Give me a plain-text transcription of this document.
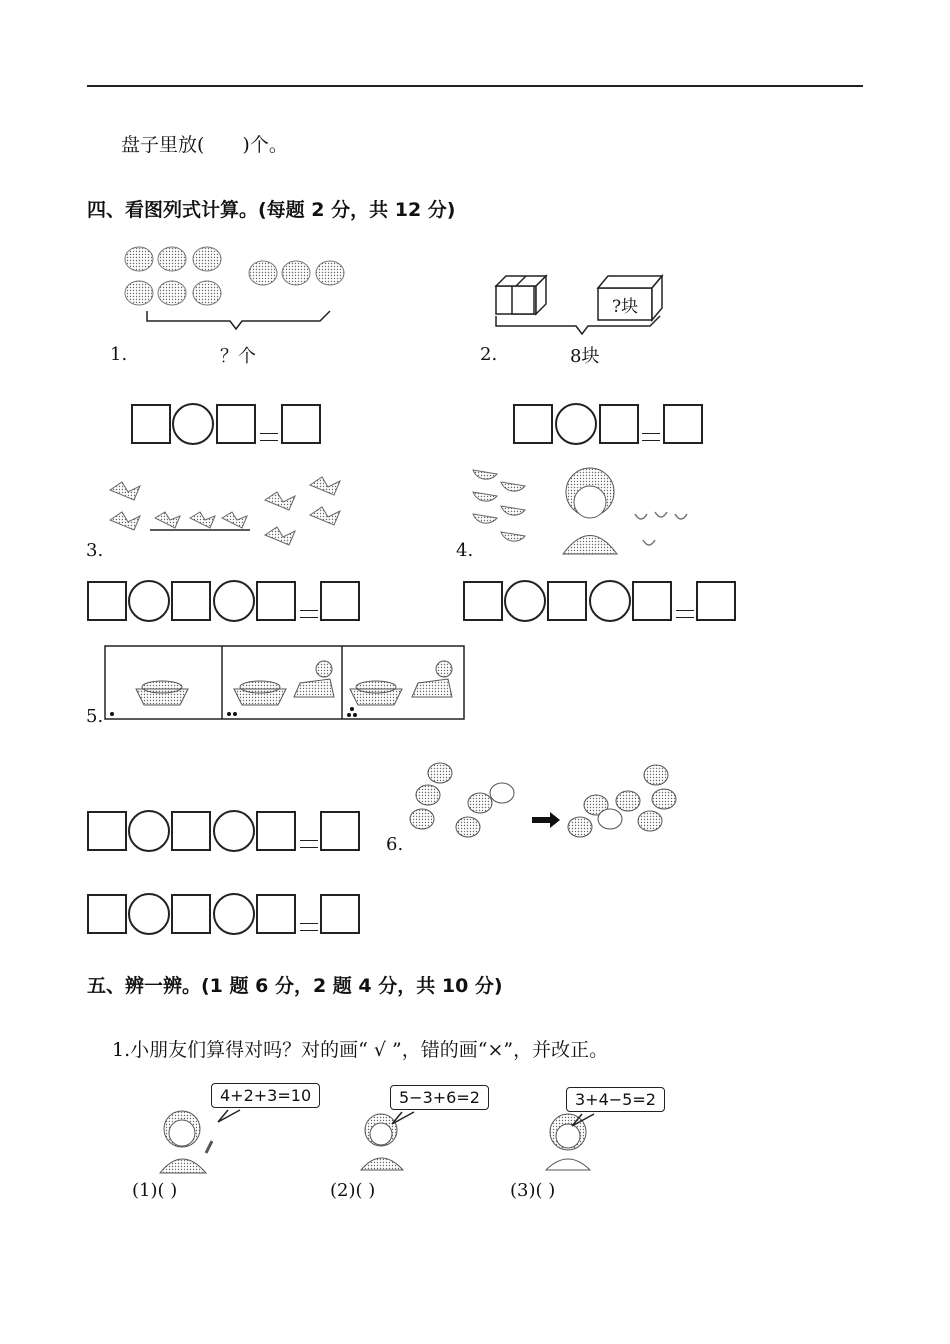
盘子里放( )个。
四、看图列式计算。(每题 2 分，共 12 分)
1.	？个
?块
2.	8块
3.	4.
5.
6.
五、辨一辨。(1 题 6 分，2 题 4 分，共 10 分)
1.小朋友们算得对吗？对的画“ √ ”，错的画“×”，并改正。
4+2+3=10	5−3+6=2	3+4−5=2
(1)( )	(2)( )	(3)( )
